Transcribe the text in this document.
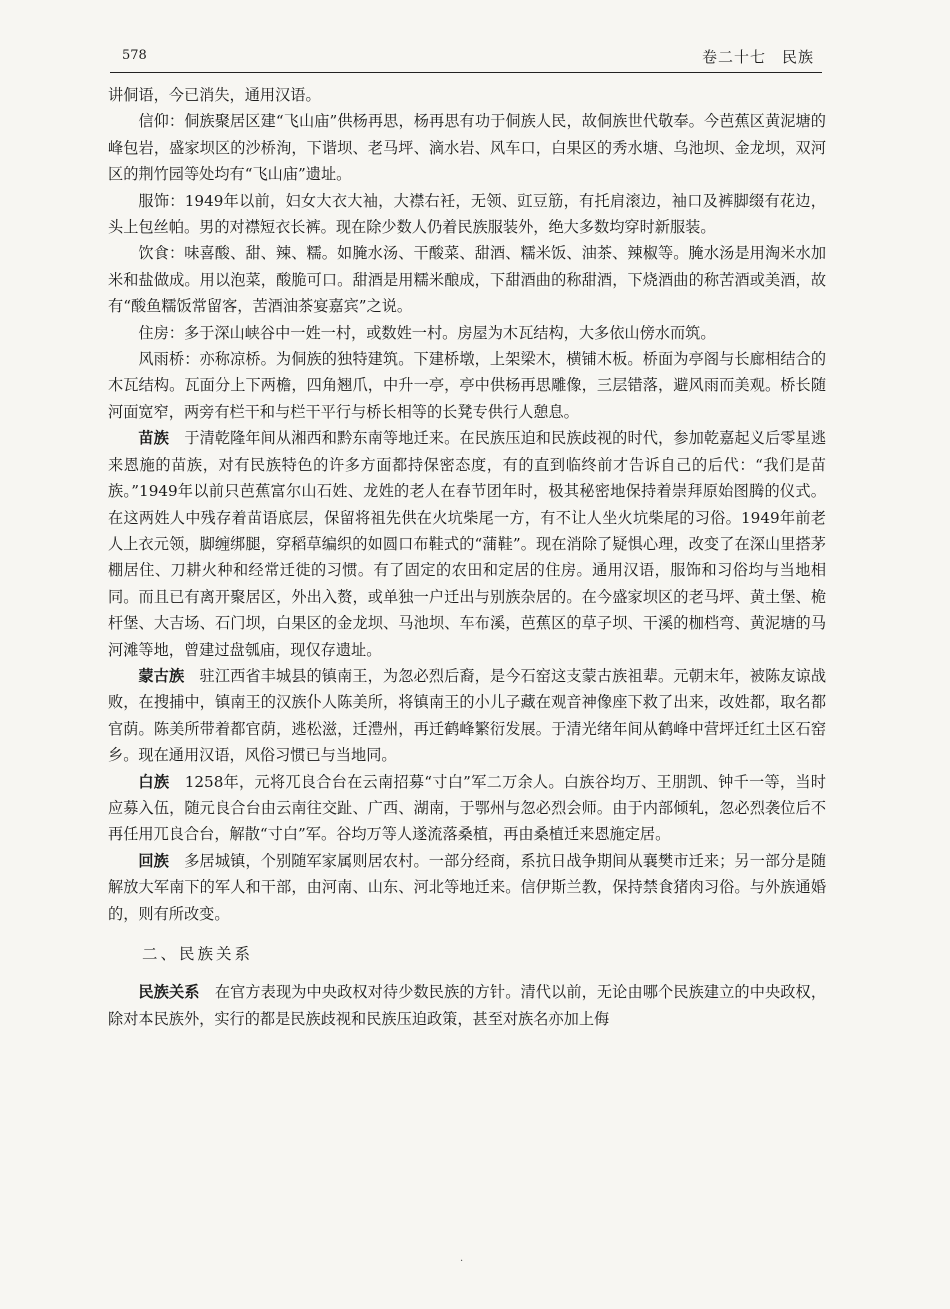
578	卷二十七　民族

讲侗语，今已消失，通用汉语。

信仰：侗族聚居区建“飞山庙”供杨再思，杨再思有功于侗族人民，故侗族世代敬奉。今芭蕉区黄泥塘的峰包岩，盛家坝区的沙桥洵，下谐坝、老马坪、滴水岩、风车口，白果区的秀水塘、乌池坝、金龙坝，双河区的荆竹园等处均有“飞山庙”遗址。

服饰：1949年以前，妇女大衣大袖，大襟右衽，无领、豇豆筋，有托肩滚边，袖口及裤脚缀有花边，头上包丝帕。男的对襟短衣长裤。现在除少数人仍着民族服装外，绝大多数均穿时新服装。

饮食：味喜酸、甜、辣、糯。如腌水汤、干酸菜、甜酒、糯米饭、油茶、辣椒等。腌水汤是用淘米水加米和盐做成。用以泡菜，酸脆可口。甜酒是用糯米酿成，下甜酒曲的称甜酒，下烧酒曲的称苦酒或美酒，故有“酸鱼糯饭常留客，苦酒油茶宴嘉宾”之说。

住房：多于深山峡谷中一姓一村，或数姓一村。房屋为木瓦结构，大多依山傍水而筑。

风雨桥：亦称凉桥。为侗族的独特建筑。下建桥墩，上架梁木，横铺木板。桥面为亭阁与长廊相结合的木瓦结构。瓦面分上下两檐，四角翘爪，中升一亭，亭中供杨再思雕像，三层错落，避风雨而美观。桥长随河面宽窄，两旁有栏干和与栏干平行与桥长相等的长凳专供行人憩息。

苗族　 于清乾隆年间从湘西和黔东南等地迁来。在民族压迫和民族歧视的时代，参加乾嘉起义后零星逃来恩施的苗族，对有民族特色的许多方面都持保密态度，有的直到临终前才告诉自己的后代：“我们是苗族。”1949年以前只芭蕉富尔山石姓、龙姓的老人在春节团年时，极其秘密地保持着崇拜原始图腾的仪式。在这两姓人中残存着苗语底层，保留将祖先供在火坑柴尾一方，有不让人坐火坑柴尾的习俗。1949年前老人上衣元领，脚缠绑腿，穿稻草编织的如圆口布鞋式的“蒲鞋”。现在消除了疑惧心理，改变了在深山里搭茅棚居住、刀耕火种和经常迁徙的习惯。有了固定的农田和定居的住房。通用汉语，服饰和习俗均与当地相同。而且已有离开聚居区，外出入赘，或单独一户迁出与别族杂居的。在今盛家坝区的老马坪、黄土堡、桅杆堡、大吉场、石门坝，白果区的金龙坝、马池坝、车布溪，芭蕉区的草子坝、干溪的枷档弯、黄泥塘的马河滩等地，曾建过盘瓠庙，现仅存遗址。

蒙古族　 驻江西省丰城县的镇南王，为忽必烈后裔，是今石窑这支蒙古族祖辈。元朝末年，被陈友谅战败，在搜捕中，镇南王的汉族仆人陈美所，将镇南王的小儿子藏在观音神像座下救了出来，改姓都，取名都官荫。陈美所带着都官荫，逃松滋，迁澧州，再迁鹤峰繁衍发展。于清光绪年间从鹤峰中营坪迁红土区石窑乡。现在通用汉语，风俗习惯已与当地同。

白族　 1258年，元将兀良合台在云南招募“寸白”军二万余人。白族谷均万、王朋凯、钟千一等，当时应募入伍，随元良合台由云南往交趾、广西、湖南，于鄂州与忽必烈会师。由于内部倾轧，忽必烈袭位后不再任用兀良合台，解散“寸白”军。谷均万等人遂流落桑植，再由桑植迁来恩施定居。

回族　 多居城镇，个别随军家属则居农村。一部分经商，系抗日战争期间从襄樊市迁来；另一部分是随解放大军南下的军人和干部，由河南、山东、河北等地迁来。信伊斯兰教，保持禁食猪肉习俗。与外族通婚的，则有所改变。

二、民族关系

民族关系　 在官方表现为中央政权对待少数民族的方针。清代以前，无论由哪个民族建立的中央政权，除对本民族外，实行的都是民族歧视和民族压迫政策，甚至对族名亦加上侮

·
